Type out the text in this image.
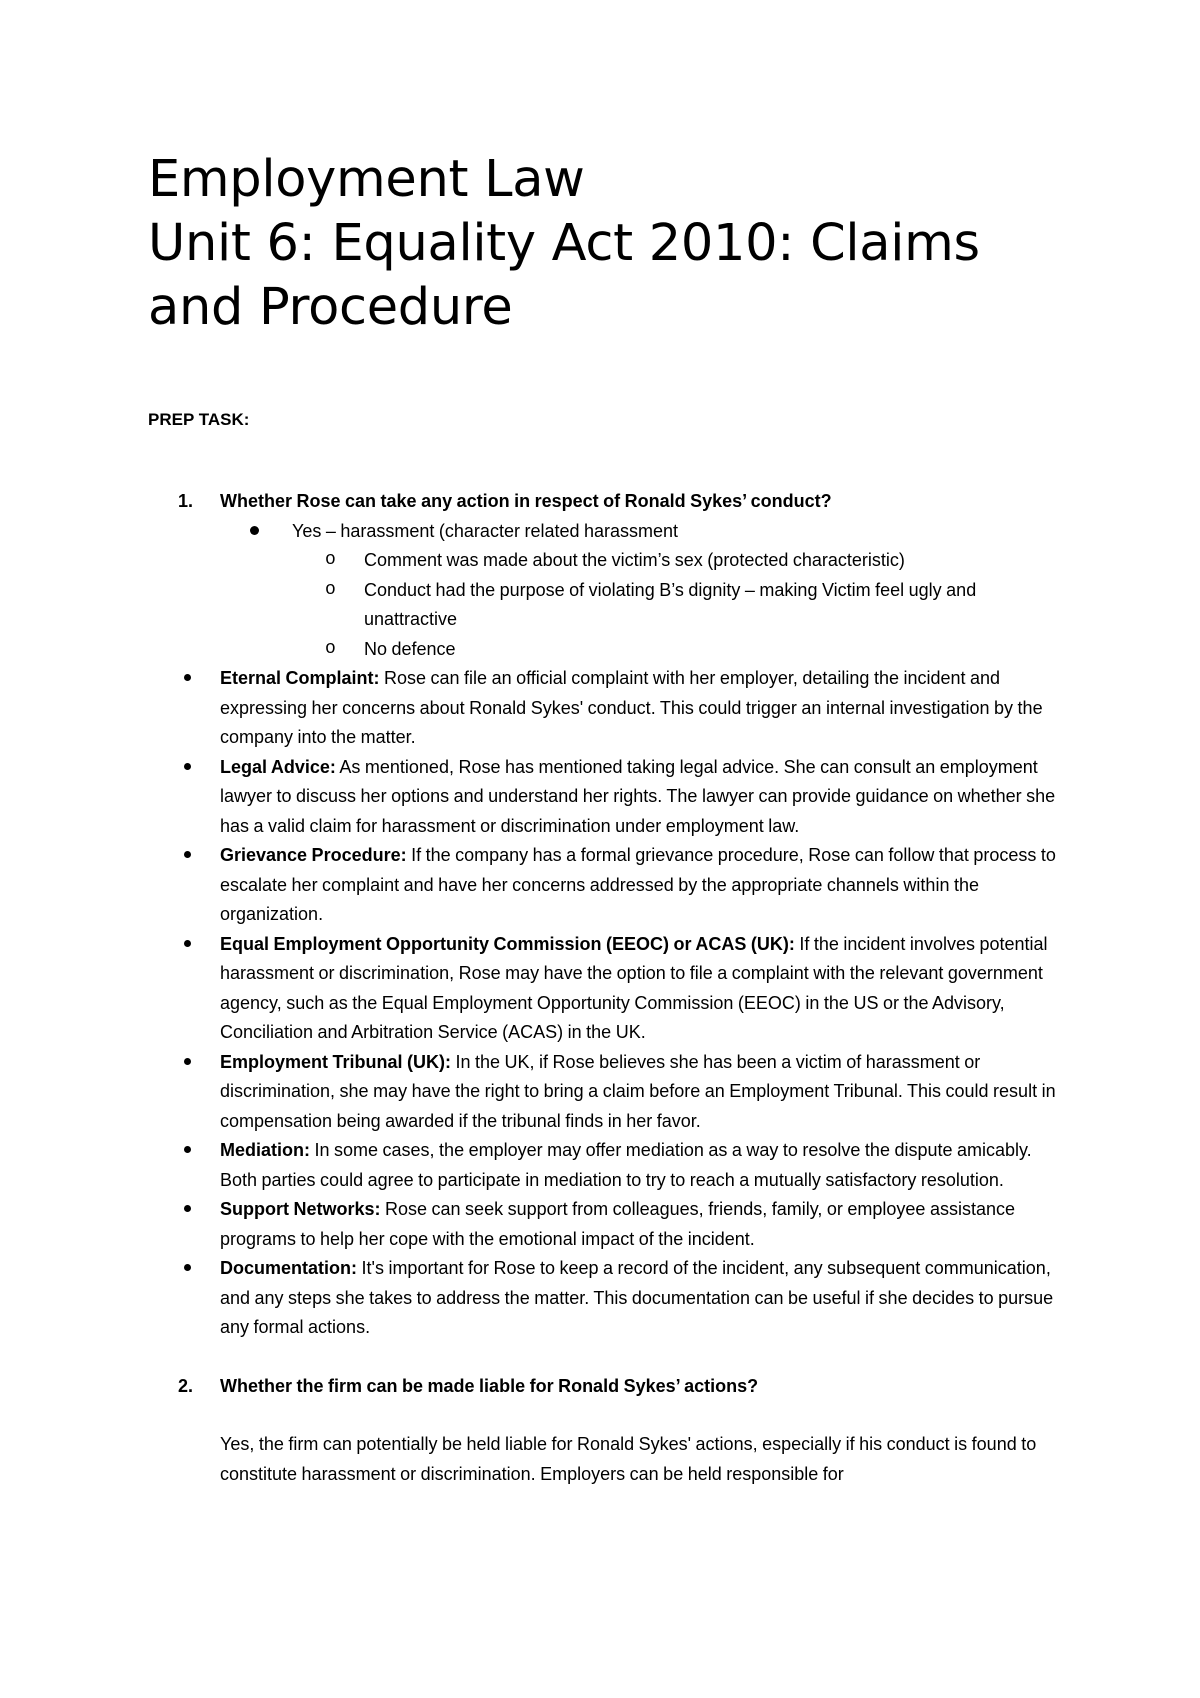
Employment Law
Unit 6: Equality Act 2010: Claims and Procedure
PREP TASK:
1. Whether Rose can take any action in respect of Ronald Sykes’ conduct?
Yes – harassment (character related harassment
o Comment was made about the victim’s sex (protected characteristic)
o Conduct had the purpose of violating B’s dignity – making Victim feel ugly and unattractive
o No defence
Eternal Complaint: Rose can file an official complaint with her employer, detailing the incident and expressing her concerns about Ronald Sykes' conduct. This could trigger an internal investigation by the company into the matter.
Legal Advice: As mentioned, Rose has mentioned taking legal advice. She can consult an employment lawyer to discuss her options and understand her rights. The lawyer can provide guidance on whether she has a valid claim for harassment or discrimination under employment law.
Grievance Procedure: If the company has a formal grievance procedure, Rose can follow that process to escalate her complaint and have her concerns addressed by the appropriate channels within the organization.
Equal Employment Opportunity Commission (EEOC) or ACAS (UK): If the incident involves potential harassment or discrimination, Rose may have the option to file a complaint with the relevant government agency, such as the Equal Employment Opportunity Commission (EEOC) in the US or the Advisory, Conciliation and Arbitration Service (ACAS) in the UK.
Employment Tribunal (UK): In the UK, if Rose believes she has been a victim of harassment or discrimination, she may have the right to bring a claim before an Employment Tribunal. This could result in compensation being awarded if the tribunal finds in her favor.
Mediation: In some cases, the employer may offer mediation as a way to resolve the dispute amicably. Both parties could agree to participate in mediation to try to reach a mutually satisfactory resolution.
Support Networks: Rose can seek support from colleagues, friends, family, or employee assistance programs to help her cope with the emotional impact of the incident.
Documentation: It's important for Rose to keep a record of the incident, any subsequent communication, and any steps she takes to address the matter. This documentation can be useful if she decides to pursue any formal actions.
2. Whether the firm can be made liable for Ronald Sykes’ actions?
Yes, the firm can potentially be held liable for Ronald Sykes' actions, especially if his conduct is found to constitute harassment or discrimination. Employers can be held responsible for
